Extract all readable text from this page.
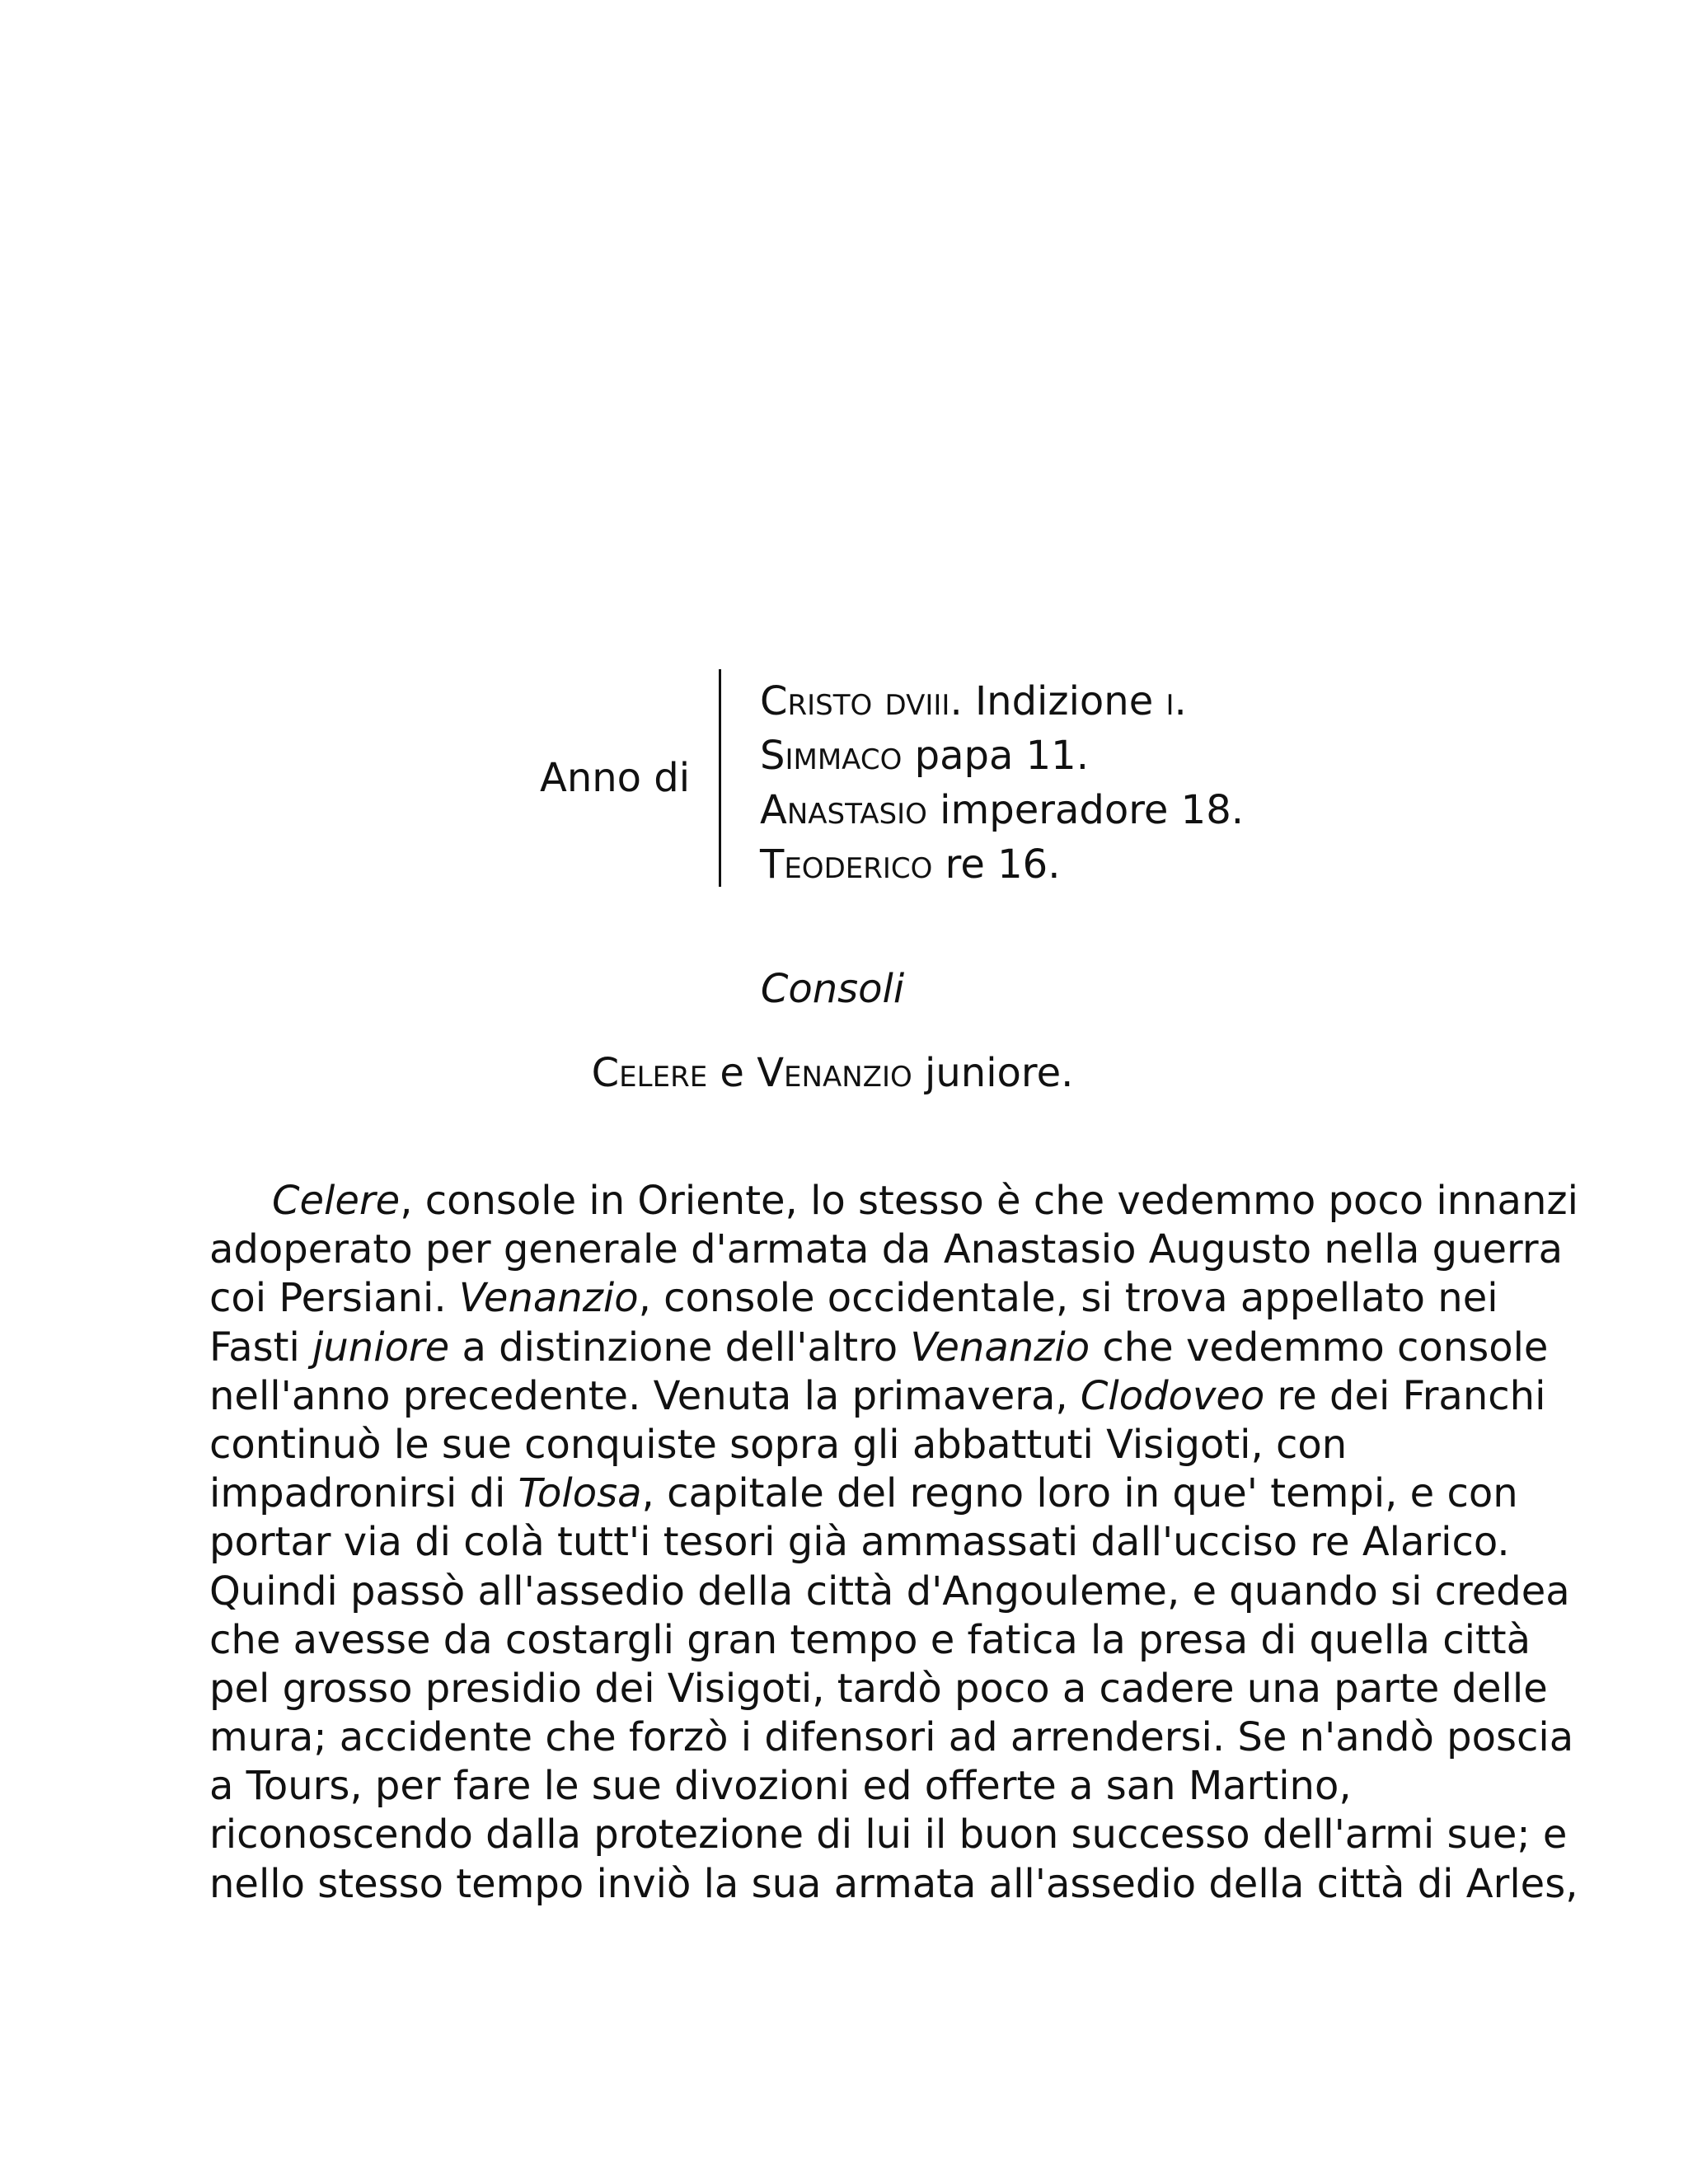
Anno di
Cristo dviii. Indizione i.
Simmaco papa 11.
Anastasio imperadore 18.
Teoderico re 16.
Consoli
Celere e Venanzio juniore.
Celere, console in Oriente, lo stesso è che vedemmo poco innanzi
adoperato per generale d'armata da Anastasio Augusto nella guerra
coi Persiani. Venanzio, console occidentale, si trova appellato nei
Fasti juniore a distinzione dell'altro Venanzio che vedemmo console
nell'anno precedente. Venuta la primavera, Clodoveo re dei Franchi
continuò le sue conquiste sopra gli abbattuti Visigoti, con
impadronirsi di Tolosa, capitale del regno loro in que' tempi, e con
portar via di colà tutt'i tesori già ammassati dall'ucciso re Alarico.
Quindi passò all'assedio della città d'Angouleme, e quando si credea
che avesse da costargli gran tempo e fatica la presa di quella città
pel grosso presidio dei Visigoti, tardò poco a cadere una parte delle
mura; accidente che forzò i difensori ad arrendersi. Se n'andò poscia
a Tours, per fare le sue divozioni ed offerte a san Martino,
riconoscendo dalla protezione di lui il buon successo dell'armi sue; e
nello stesso tempo inviò la sua armata all'assedio della città di Arles,
